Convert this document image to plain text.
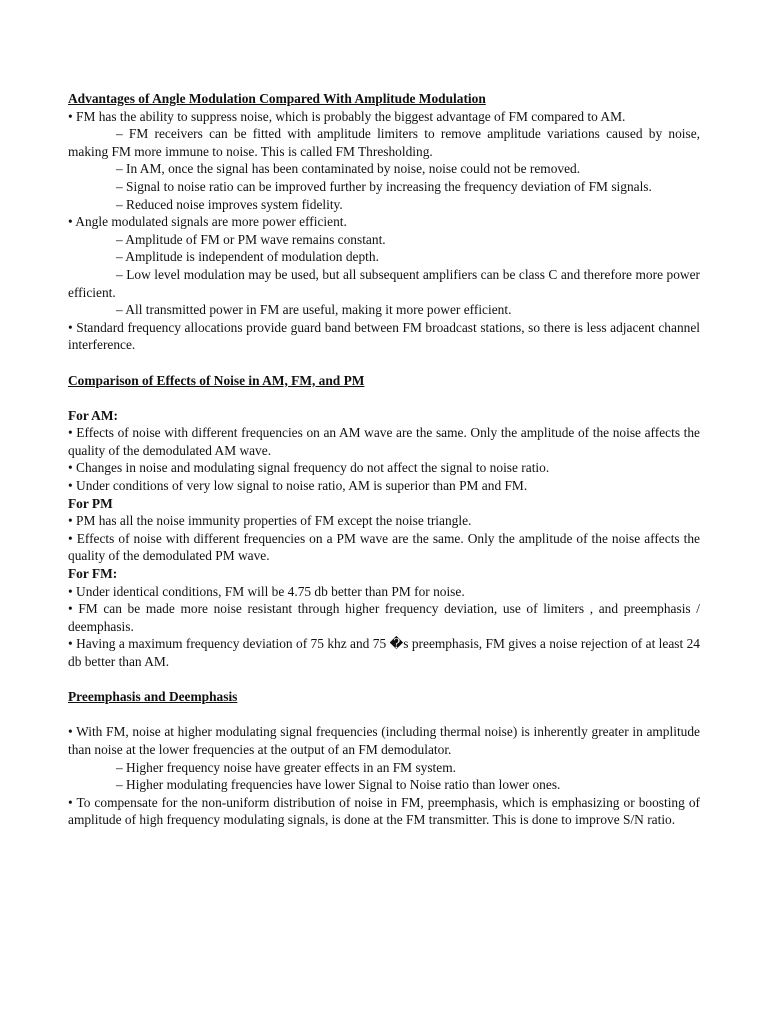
Advantages of Angle Modulation Compared With Amplitude Modulation

• FM has the ability to suppress noise, which is probably the biggest advantage of FM compared to AM.

– FM receivers can be fitted with amplitude limiters to remove amplitude variations caused by noise, making FM more immune to noise. This is called FM Thresholding.

– In AM, once the signal has been contaminated by noise, noise could not be removed.

– Signal to noise ratio can be improved further by increasing the frequency deviation of FM signals.

– Reduced noise improves system fidelity.

• Angle modulated signals are more power efficient.

– Amplitude of FM or PM wave remains constant.

– Amplitude is independent of modulation depth.

– Low level modulation may be used, but all subsequent amplifiers can be class C and therefore more power efficient.

– All transmitted power in FM are useful, making it more power efficient.

• Standard frequency allocations provide guard band between FM broadcast stations, so there is less adjacent channel interference.

Comparison of Effects of Noise in AM, FM, and PM

For AM:

• Effects of noise with different frequencies on an AM wave are the same. Only the amplitude of the noise affects the quality of the demodulated AM wave.

• Changes in noise and modulating signal frequency do not affect the signal to noise ratio.

• Under conditions of very low signal to noise ratio, AM is superior than PM and FM.

For PM

• PM has all the noise immunity properties of FM except the noise triangle.

• Effects of noise with different frequencies on a PM wave are the same. Only the amplitude of the noise affects the quality of the demodulated PM wave.

For FM:

• Under identical conditions, FM will be 4.75 db better than PM for noise.

• FM can be made more noise resistant through higher frequency deviation, use of limiters , and preemphasis / deemphasis.

• Having a maximum frequency deviation of 75 khz and 75 �s preemphasis, FM gives a noise rejection of at least 24 db better than AM.

Preemphasis and Deemphasis

• With FM, noise at higher modulating signal frequencies (including thermal noise) is inherently greater in amplitude than noise at the lower frequencies at the output of an FM demodulator.

– Higher frequency noise have greater effects in an FM system.

– Higher modulating frequencies have lower Signal to Noise ratio than lower ones.

• To compensate for the non-uniform distribution of noise in FM, preemphasis, which is emphasizing or boosting of amplitude of high frequency modulating signals, is done at the FM transmitter. This is done to improve S/N ratio.
